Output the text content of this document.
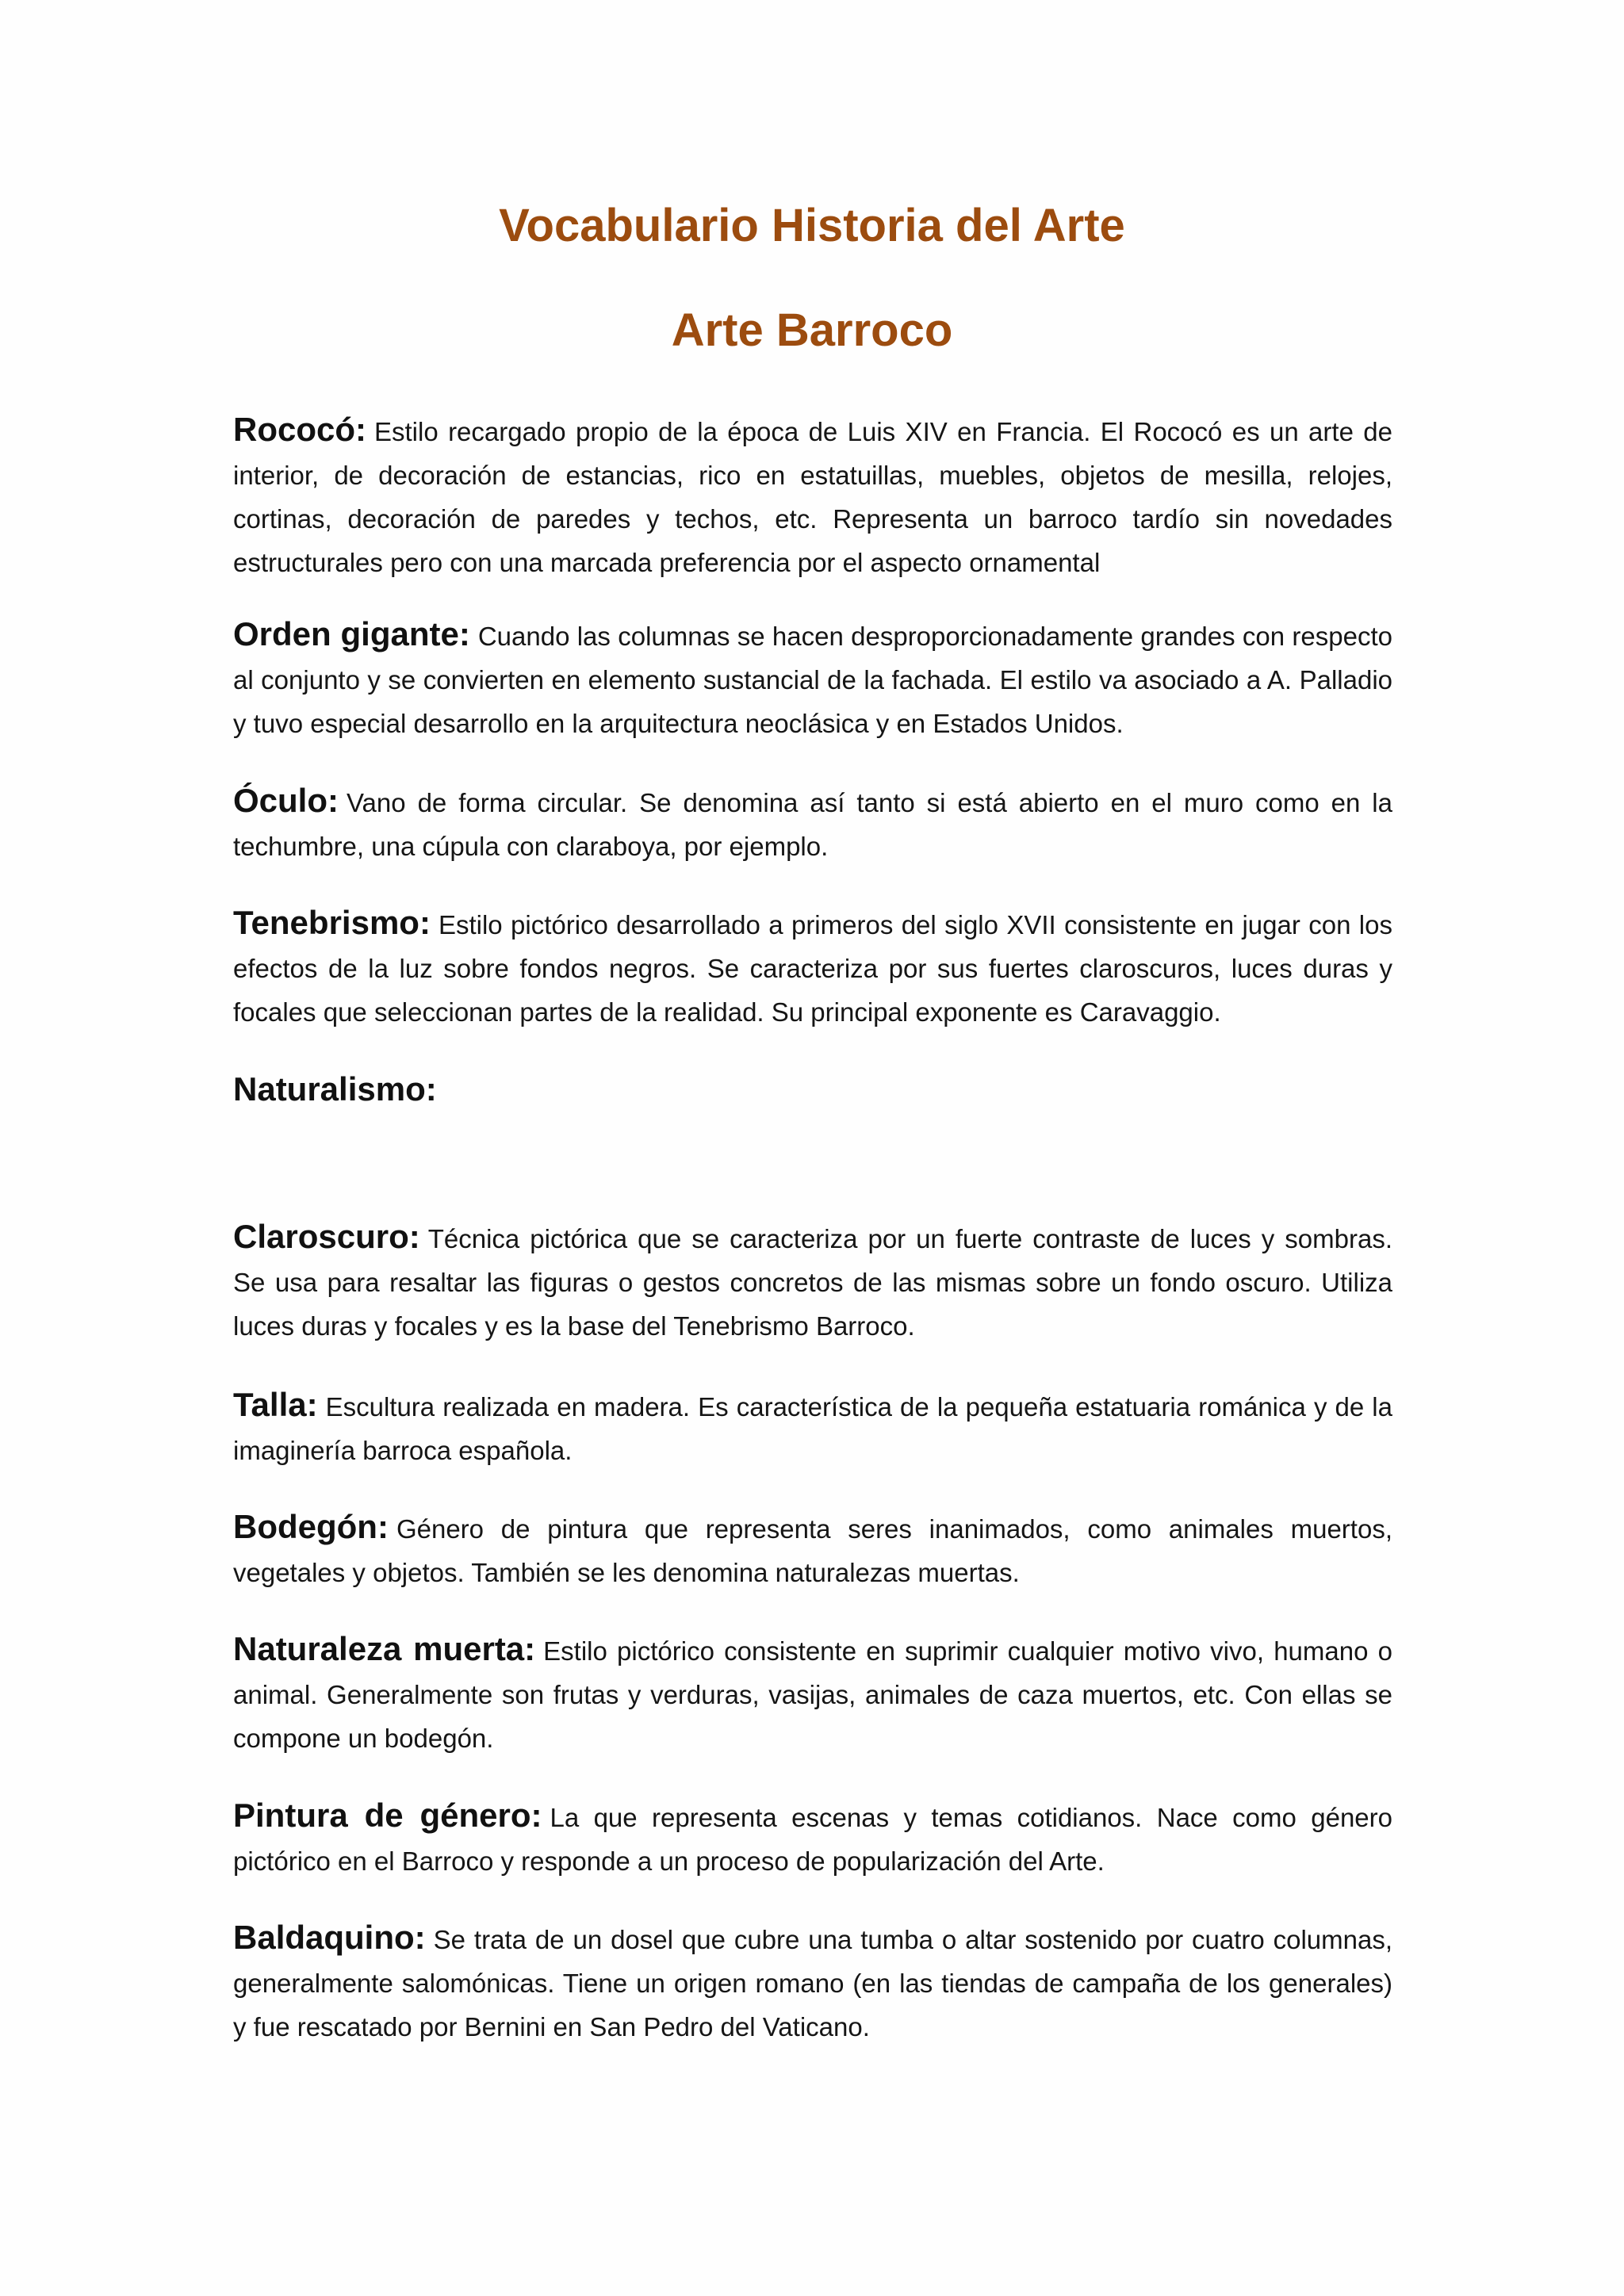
Vocabulario Historia del Arte
Arte Barroco

Rococó: Estilo recargado propio de la época de Luis XIV en Francia. El Rococó es un arte de interior, de decoración de estancias, rico en estatuillas, muebles, objetos de mesilla, relojes, cortinas, decoración de paredes y techos, etc. Representa un barroco tardío sin novedades estructurales pero con una marcada preferencia por el aspecto ornamental

Orden gigante: Cuando las columnas se hacen desproporcionadamente grandes con respecto al conjunto y se convierten en elemento sustancial de la fachada. El estilo va asociado a A. Palladio y tuvo especial desarrollo en la arquitectura neoclásica y en Estados Unidos.

Óculo: Vano de forma circular. Se denomina así tanto si está abierto en el muro como en la techumbre, una cúpula con claraboya, por ejemplo.

Tenebrismo: Estilo pictórico desarrollado a primeros del siglo XVII consistente en jugar con los efectos de la luz sobre fondos negros. Se caracteriza por sus fuertes claroscuros, luces duras y focales que seleccionan partes de la realidad. Su principal exponente es Caravaggio.

Naturalismo:

Claroscuro: Técnica pictórica que se caracteriza por un fuerte contraste de luces y sombras. Se usa para resaltar las figuras o gestos concretos de las mismas sobre un fondo oscuro. Utiliza luces duras y focales y es la base del Tenebrismo Barroco.

Talla: Escultura realizada en madera. Es característica de la pequeña estatuaria románica y de la imaginería barroca española.

Bodegón: Género de pintura que representa seres inanimados, como animales muertos, vegetales y objetos. También se les denomina naturalezas muertas.

Naturaleza muerta: Estilo pictórico consistente en suprimir cualquier motivo vivo, humano o animal. Generalmente son frutas y verduras, vasijas, animales de caza muertos, etc. Con ellas se compone un bodegón.

Pintura de género: La que representa escenas y temas cotidianos. Nace como género pictórico en el Barroco y responde a un proceso de popularización del Arte.

Baldaquino: Se trata de un dosel que cubre una tumba o altar sostenido por cuatro columnas, generalmente salomónicas. Tiene un origen romano (en las tiendas de campaña de los generales) y fue rescatado por Bernini en San Pedro del Vaticano.
